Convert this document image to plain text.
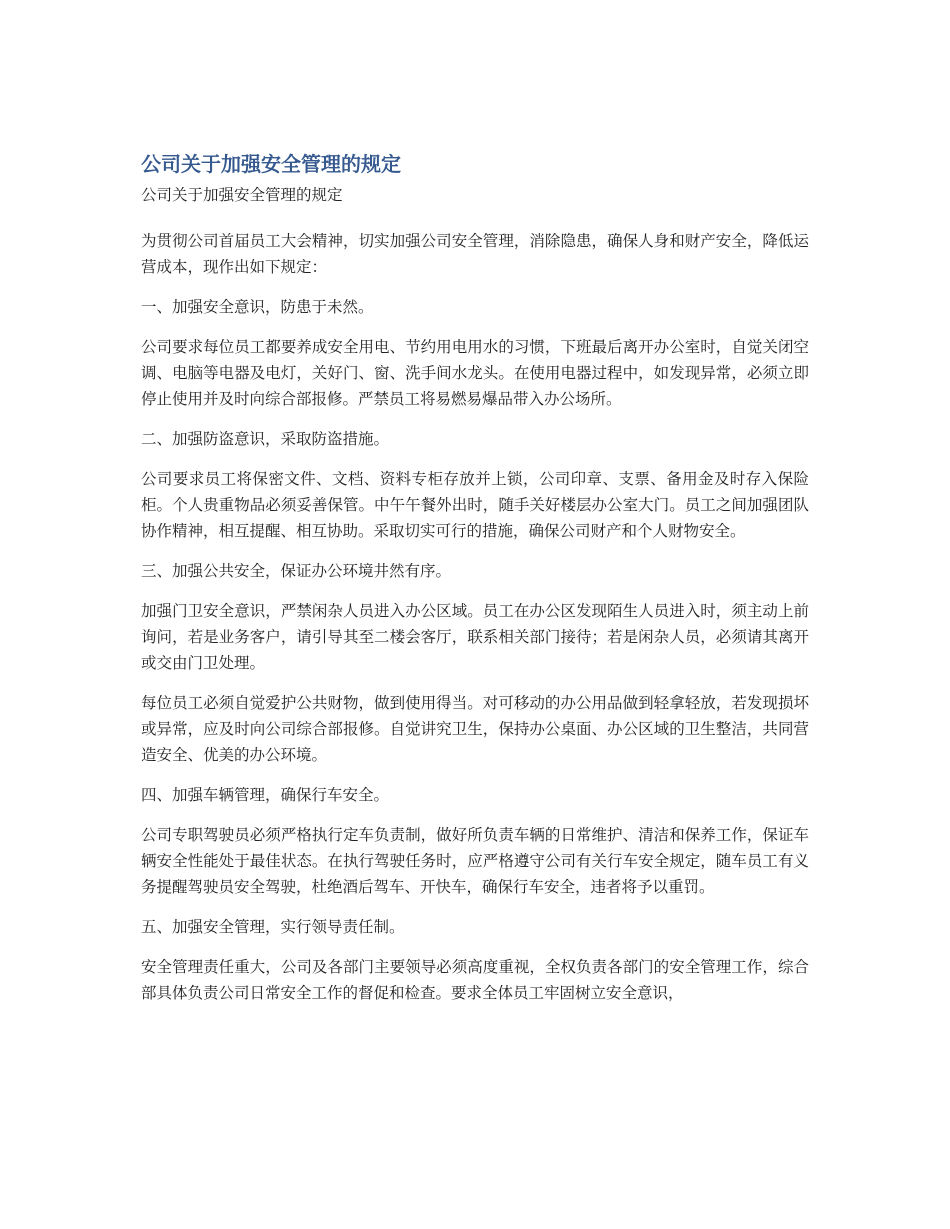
公司关于加强安全管理的规定

公司关于加强安全管理的规定

为贯彻公司首届员工大会精神，切实加强公司安全管理，消除隐患，确保人身和财产安全，降低运营成本，现作出如下规定：

一、加强安全意识，防患于未然。

公司要求每位员工都要养成安全用电、节约用电用水的习惯，下班最后离开办公室时，自觉关闭空调、电脑等电器及电灯，关好门、窗、洗手间水龙头。在使用电器过程中，如发现异常，必须立即停止使用并及时向综合部报修。严禁员工将易燃易爆品带入办公场所。

二、加强防盗意识，采取防盗措施。

公司要求员工将保密文件、文档、资料专柜存放并上锁，公司印章、支票、备用金及时存入保险柜。个人贵重物品必须妥善保管。中午午餐外出时，随手关好楼层办公室大门。员工之间加强团队协作精神，相互提醒、相互协助。采取切实可行的措施，确保公司财产和个人财物安全。

三、加强公共安全，保证办公环境井然有序。

加强门卫安全意识，严禁闲杂人员进入办公区域。员工在办公区发现陌生人员进入时，须主动上前询问，若是业务客户，请引导其至二楼会客厅，联系相关部门接待；若是闲杂人员，必须请其离开或交由门卫处理。

每位员工必须自觉爱护公共财物，做到使用得当。对可移动的办公用品做到轻拿轻放，若发现损坏或异常，应及时向公司综合部报修。自觉讲究卫生，保持办公桌面、办公区域的卫生整洁，共同营造安全、优美的办公环境。

四、加强车辆管理，确保行车安全。

公司专职驾驶员必须严格执行定车负责制，做好所负责车辆的日常维护、清洁和保养工作，保证车辆安全性能处于最佳状态。在执行驾驶任务时，应严格遵守公司有关行车安全规定，随车员工有义务提醒驾驶员安全驾驶，杜绝酒后驾车、开快车，确保行车安全，违者将予以重罚。

五、加强安全管理，实行领导责任制。

安全管理责任重大，公司及各部门主要领导必须高度重视，全权负责各部门的安全管理工作，综合部具体负责公司日常安全工作的督促和检查。要求全体员工牢固树立安全意识，
